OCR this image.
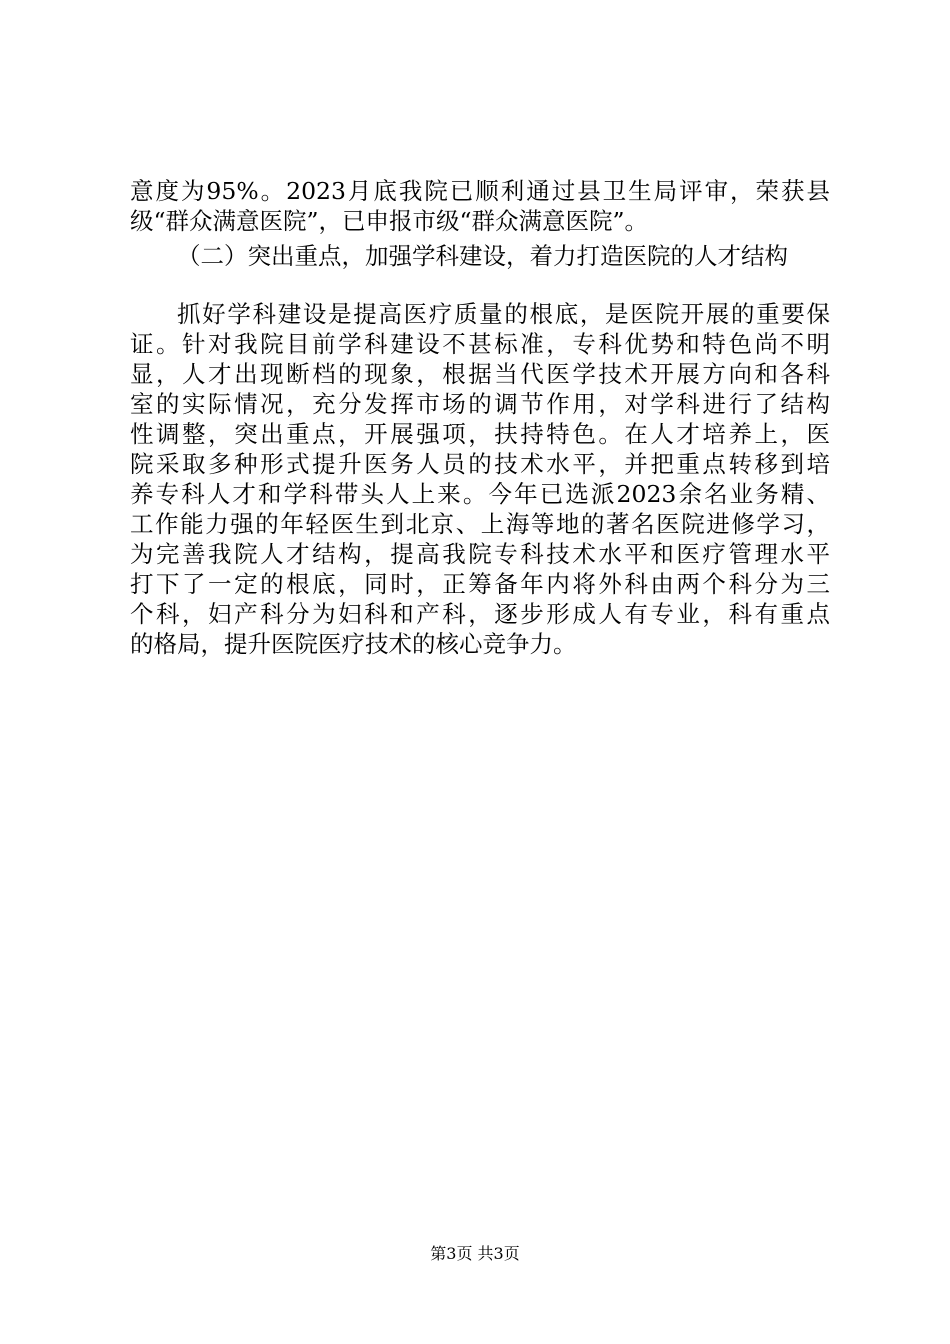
意度为95%。2023月底我院已顺利通过县卫生局评审，荣获县
级“群众满意医院”，已申报市级“群众满意医院”。
（二）突出重点，加强学科建设，着力打造医院的人才结构
抓好学科建设是提高医疗质量的根底，是医院开展的重要保
证。针对我院目前学科建设不甚标准，专科优势和特色尚不明
显，人才出现断档的现象，根据当代医学技术开展方向和各科
室的实际情况，充分发挥市场的调节作用，对学科进行了结构
性调整，突出重点，开展强项，扶持特色。在人才培养上，医
院采取多种形式提升医务人员的技术水平，并把重点转移到培
养专科人才和学科带头人上来。今年已选派2023余名业务精、
工作能力强的年轻医生到北京、上海等地的著名医院进修学习，
为完善我院人才结构，提高我院专科技术水平和医疗管理水平
打下了一定的根底，同时，正筹备年内将外科由两个科分为三
个科，妇产科分为妇科和产科，逐步形成人有专业，科有重点
的格局，提升医院医疗技术的核心竞争力。
第3页 共3页
